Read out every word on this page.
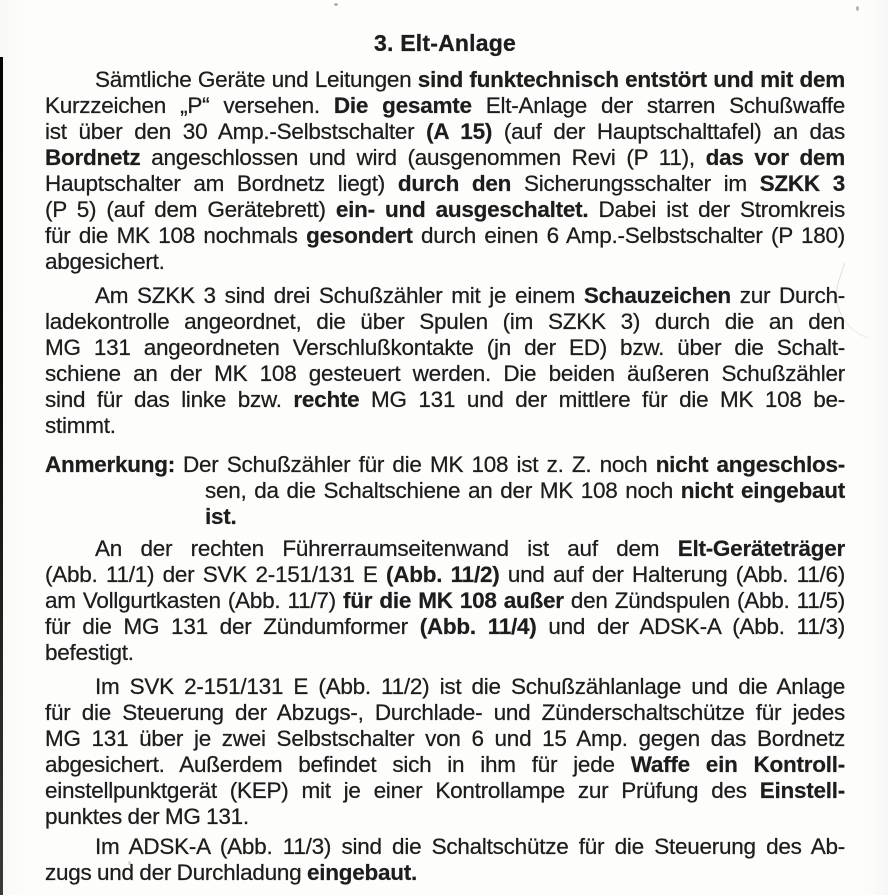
3. Elt-Anlage
Sämtliche Geräte und Leitungen sind funktechnisch entstört und mit dem
Kurzzeichen „P“ versehen. Die gesamte Elt-Anlage der starren Schußwaffe
ist über den 30 Amp.-Selbstschalter (A 15) (auf der Hauptschalttafel) an das
Bordnetz angeschlossen und wird (ausgenommen Revi (P 11), das vor dem
Hauptschalter am Bordnetz liegt) durch den Sicherungsschalter im SZKK 3
(P 5) (auf dem Gerätebrett) ein- und ausgeschaltet. Dabei ist der Stromkreis
für die MK 108 nochmals gesondert durch einen 6 Amp.-Selbstschalter (P 180)
abgesichert.
Am SZKK 3 sind drei Schußzähler mit je einem Schauzeichen zur Durch-
ladekontrolle angeordnet, die über Spulen (im SZKK 3) durch die an den
MG 131 angeordneten Verschlußkontakte (jn der ED) bzw. über die Schalt-
schiene an der MK 108 gesteuert werden. Die beiden äußeren Schußzähler
sind für das linke bzw. rechte MG 131 und der mittlere für die MK 108 be-
stimmt.
Anmerkung: Der Schußzähler für die MK 108 ist z. Z. noch nicht angeschlos-
sen, da die Schaltschiene an der MK 108 noch nicht eingebaut ist.
An der rechten Führerraumseitenwand ist auf dem Elt-Geräteträger
(Abb. 11/1) der SVK 2-151/131 E (Abb. 11/2) und auf der Halterung (Abb. 11/6)
am Vollgurtkasten (Abb. 11/7) für die MK 108 außer den Zündspulen (Abb. 11/5)
für die MG 131 der Zündumformer (Abb. 11/4) und der ADSK-A (Abb. 11/3)
befestigt.
Im SVK 2-151/131 E (Abb. 11/2) ist die Schußzählanlage und die Anlage
für die Steuerung der Abzugs-, Durchlade- und Zünderschaltschütze für jedes
MG 131 über je zwei Selbstschalter von 6 und 15 Amp. gegen das Bordnetz
abgesichert. Außerdem befindet sich in ihm für jede Waffe ein Kontroll-
einstellpunktgerät (KEP) mit je einer Kontrollampe zur Prüfung des Einstell-
punktes der MG 131.
Im ADSK-A (Abb. 11/3) sind die Schaltschütze für die Steuerung des Ab-
zugs und der Durchladung eingebaut.
